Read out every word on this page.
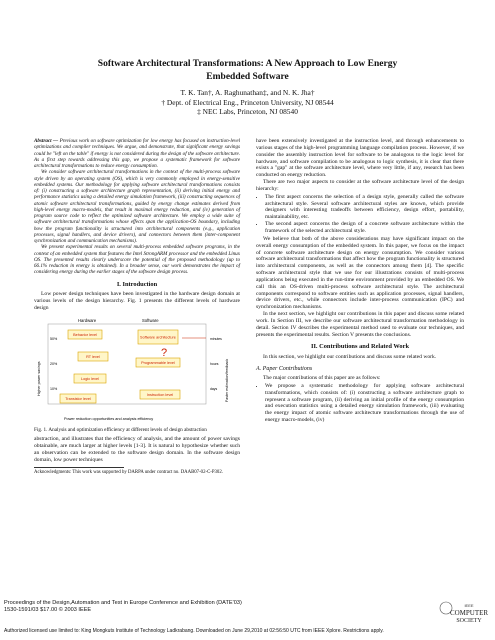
Software Architectural Transformations: A New Approach to Low Energy
Embedded Software
T. K. Tan†, A. Raghunathan‡, and N. K. Jha†
† Dept. of Electrical Eng., Princeton University, NJ 08544
‡ NEC Labs, Princeton, NJ 08540

Abstract — Previous work on software optimization for low energy has focused on instruction-level optimizations and compiler techniques. We argue, and demonstrate, that significant energy savings could be "left on the table" if energy is not considered during the design of the software architecture. As a first step towards addressing this gap, we propose a systematic framework for software architectural transformations to reduce energy consumption.

We consider software architectural transformations in the context of the multi-process software style driven by an operating system (OS), which is very commonly employed in energy-sensitive embedded systems. Our methodology for applying software architectural transformations consists of: (i) constructing a software architecture graph representation, (ii) deriving initial energy and performance statistics using a detailed energy simulation framework, (iii) constructing sequences of atomic software architectural transformations, guided by energy change estimates derived from high-level energy macro-models, that result in maximal energy reduction, and (iv) generation of program source code to reflect the optimized software architecture. We employ a wide suite of software architectural transformations whose effects span the application-OS boundary, including how the program functionality is structured into architectural components (e.g., application processes, signal handlers, and device drivers), and connectors between them (inter-component synchronization and communication mechanisms).

We present experimental results on several multi-process embedded software programs, in the context of an embedded system that features the Intel StrongARM processor and the embedded Linux OS. The presented results clearly underscore the potential of the proposed methodology (up to 66.1% reduction in energy is obtained). In a broader sense, our work demonstrates the impact of considering energy during the earlier stages of the software design process.

I. Introduction

Low power design techniques have been investigated in the hardware design domain at various levels of the design hierarchy. Fig. 1 presents the different levels of hardware design

Hardware	Software
Higher power savings	Faster estimation/feedback
Power reduction opportunities and analysis efficiency
50%
20%
10%
minutes
hours
days
Behavior level
RT level
Logic level
Transistor level
Software architecture
Programmable level
Instruction level
?
Fig. 1. Analysis and optimization efficiency at different levels of design abstraction

abstraction, and illustrates that the efficiency of analysis, and the amount of power savings obtainable, are much larger at higher levels [1-3]. It is natural to hypothesize whether such an observation can be extended to the software design domain. In the software design domain, low power techniques

Acknowledgments: This work was supported by DARPA under contract no. DAAB07-02-C-P302.

have been extensively investigated at the instruction level, and through enhancements to various stages of the high-level programming language compilation process. However, if we consider the assembly instruction level for software to be analogous to the logic level for hardware, and software compilation to be analogous to logic synthesis, it is clear that there exists a "gap" at the software architecture level, where very little, if any, research has been conducted on energy reduction.

There are two major aspects to consider at the software architecture level of the design hierarchy:

• The first aspect concerns the selection of a design style, generally called the software architectural style. Several software architectural styles are known, which provide designers with interesting tradeoffs between efficiency, design effort, portability, maintainability, etc.
• The second aspect concerns the design of a concrete software architecture within the framework of the selected architectural style.

We believe that both of the above considerations may have significant impact on the overall energy consumption of the embedded system. In this paper, we focus on the impact of concrete software architecture design on energy consumption. We consider various software architectural transformations that affect how the program functionality is structured into architectural components, as well as the connectors among them [4]. The specific software architectural style that we use for our illustrations consists of multi-process applications being executed in the run-time environment provided by an embedded OS. We call this an OS-driven multi-process software architectural style. The architectural components correspond to software entities such as application processes, signal handlers, device drivers, etc., while connectors include inter-process communication (IPC) and synchronization mechanisms.

In the next section, we highlight our contributions in this paper and discuss some related work. In Section III, we describe our software architectural transformation methodology in detail. Section IV describes the experimental method used to evaluate our techniques, and presents the experimental results. Section V presents the conclusions.

II. Contributions and Related Work

In this section, we highlight our contributions and discuss some related work.

A. Paper Contributions

The major contributions of this paper are as follows:

• We propose a systematic methodology for applying software architectural transformations, which consists of: (i) constructing a software architecture graph to represent a software program, (ii) deriving an initial profile of the energy consumption and execution statistics using a detailed energy simulation framework, (iii) evaluating the energy impact of atomic software architecture transformations through the use of energy macro-models, (iv)
Proceedings of the Design,Automation and Test in Europe Conference and Exhibition (DATE'03)
1530-1591/03 $17.00 © 2003 IEEE
Authorized licensed use limited to: King Mongkuts Institute of Technology Ladkrabang. Downloaded on June 29,2010 at 02:56:50 UTC from IEEE Xplore. Restrictions apply.
IEEE
COMPUTER
SOCIETY
